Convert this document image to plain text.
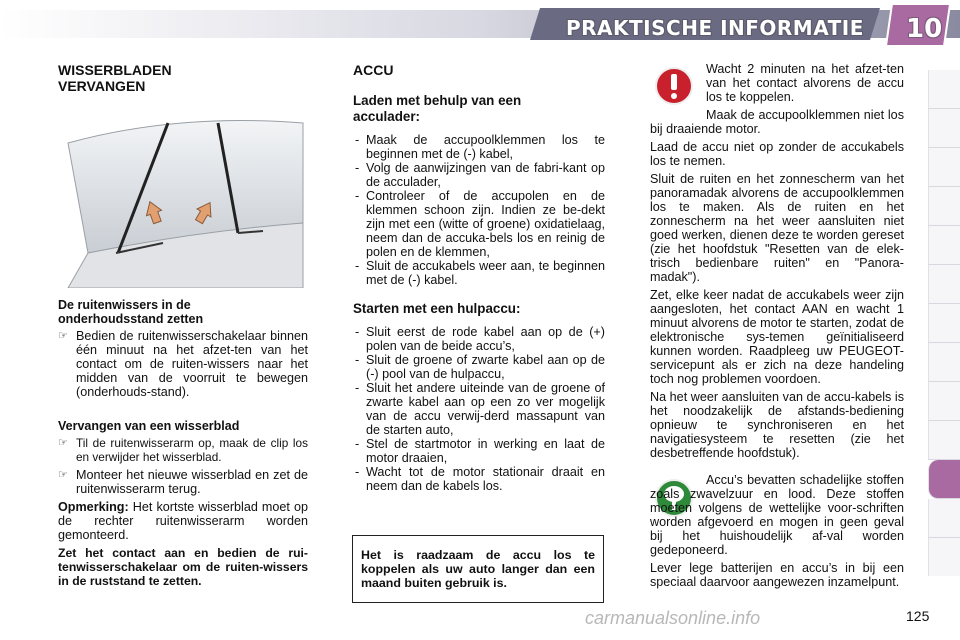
PRAKTISCHE INFORMATIE 10
WISSERBLADEN VERVANGEN
De ruitenwissers in de onderhoudsstand zetten
☞ Bedien de ruitenwisserschakelaar binnen één minuut na het afzet-ten van het contact om de ruiten-wissers naar het midden van de voorruit te bewegen (onderhouds-stand).
Vervangen van een wisserblad
☞ Til de ruitenwisserarm op, maak de clip los en verwijder het wisserblad.
☞ Monteer het nieuwe wisserblad en zet de ruitenwisserarm terug.

Opmerking: Het kortste wisserblad moet op de rechter ruitenwisserarm worden gemonteerd.

Zet het contact aan en bedien de rui-tenwisserschakelaar om de ruiten-wissers in de ruststand te zetten.

ACCU
Laden met behulp van een acculader:
- Maak de accupoolklemmen los te beginnen met de (-) kabel,
- Volg de aanwijzingen van de fabri-kant op de acculader,
- Controleer of de accupolen en de klemmen schoon zijn. Indien ze be-dekt zijn met een (witte of groene) oxidatielaag, neem dan de accuka-bels los en reinig de polen en de klemmen,
- Sluit de accukabels weer aan, te beginnen met de (-) kabel.
Starten met een hulpaccu:
- Sluit eerst de rode kabel aan op de (+) polen van de beide accu’s,
- Sluit de groene of zwarte kabel aan op de (-) pool van de hulpaccu,
- Sluit het andere uiteinde van de groene of zwarte kabel aan op een zo ver mogelijk van de accu verwij-derd massapunt van de starten auto,
- Stel de startmotor in werking en laat de motor draaien,
- Wacht tot de motor stationair draait en neem dan de kabels los.
Het is raadzaam de accu los te koppelen als uw auto langer dan een maand buiten gebruik is.

Wacht 2 minuten na het afzet-ten van het contact alvorens de accu los te koppelen.

Maak de accupoolklemmen niet los bij draaiende motor.

Laad de accu niet op zonder de accukabels los te nemen.

Sluit de ruiten en het zonnescherm van het panoramadak alvorens de accupoolklemmen los te maken. Als de ruiten en het zonnescherm na het weer aansluiten niet goed werken, dienen deze te worden gereset (zie het hoofdstuk "Resetten van de elek-trisch bedienbare ruiten" en "Panora-madak").

Zet, elke keer nadat de accukabels weer zijn aangesloten, het contact AAN en wacht 1 minuut alvorens de motor te starten, zodat de elektronische sys-temen geïnitialiseerd kunnen worden. Raadpleeg uw PEUGEOT-servicepunt als er zich na deze handeling toch nog problemen voordoen.

Na het weer aansluiten van de accu-kabels is het noodzakelijk de afstands-bediening opnieuw te synchroniseren en het navigatiesysteem te resetten (zie het desbetreffende hoofdstuk).

Accu’s bevatten schadelijke stoffen zoals zwavelzuur en lood. Deze stoffen moeten volgens de wettelijke voor-schriften worden afgevoerd en mogen in geen geval bij het huishoudelijk af-val worden gedeponeerd.

Lever lege batterijen en accu’s in bij een speciaal daarvoor aangewezen inzamelpunt.

carmanualsonline.info	125
